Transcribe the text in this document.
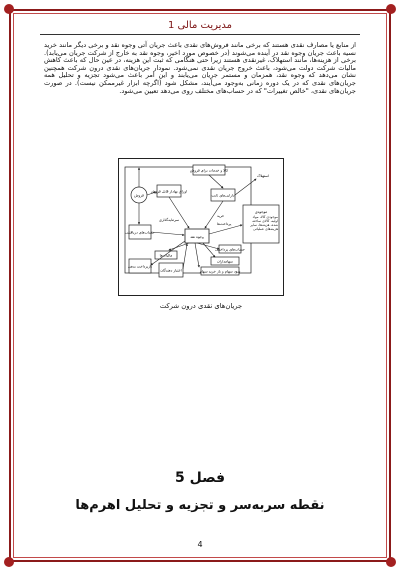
مدیریت مالی 1

از منابع یا مصارف نقدی هستند که برخی مانند فروش‌های نقدی باعث جریان آتی وجوه نقد و برخی دیگر مانند خرید نسیه باعث جریان وجوه نقد در آینده می‌شوند (در خصوص مورد اخیر، وجوه نقد به خارج از شرکت جریان می‌یابد). برخی از هزینه‌ها، مانند استهلاک، غیرنقدی هستند زیرا حتی هنگامی که ثبت این هزینه، در عین حال که باعث کاهش مالیات شرکت دولت می‌شود، باعث خروج جریان نقدی نمی‌شود. نمودار جریان‌های نقدی درون شرکت همچنین نشان می‌دهد که وجوه نقد، همزمان و مستمر جریان می‌یابند و این امر باعث می‌شود تجزیه و تحلیل همه جریان‌های نقدی که در یک دوره زمانی به‌وجود می‌آیند، مشکل شود (اگرچه ابزار غیرممکن نیست). در صورت جریان‌های نقدی، "خالص تغییرات" که در حساب‌های مختلف روی می‌دهد تعیین می‌شود.

وجوه نقد
فروش
اوراق بهادار قابل فروش
دارایی‌های ثابت
استهلاک
کالا و خدمات برای فروش
موجودی
موجودی کالا، مواد اولیه، کالای ساخته شده، هزینه‌ها، سایر هزینه‌های عملیاتی
خرید
پرداخت‌ها
حساب‌های دریافتنی
سرمایه‌گذاری
حساب‌های پرداختنی
مالیات‌ها
سهامداران
سود سهام و باز خرید سهام
بازپرداخت بدهی
اعتبار دهندگان
جریان‌های نقدی درون شرکت
فصل 5
نقطه سربه‌سر و تجزیه و تحلیل اهرم‌ها
4
